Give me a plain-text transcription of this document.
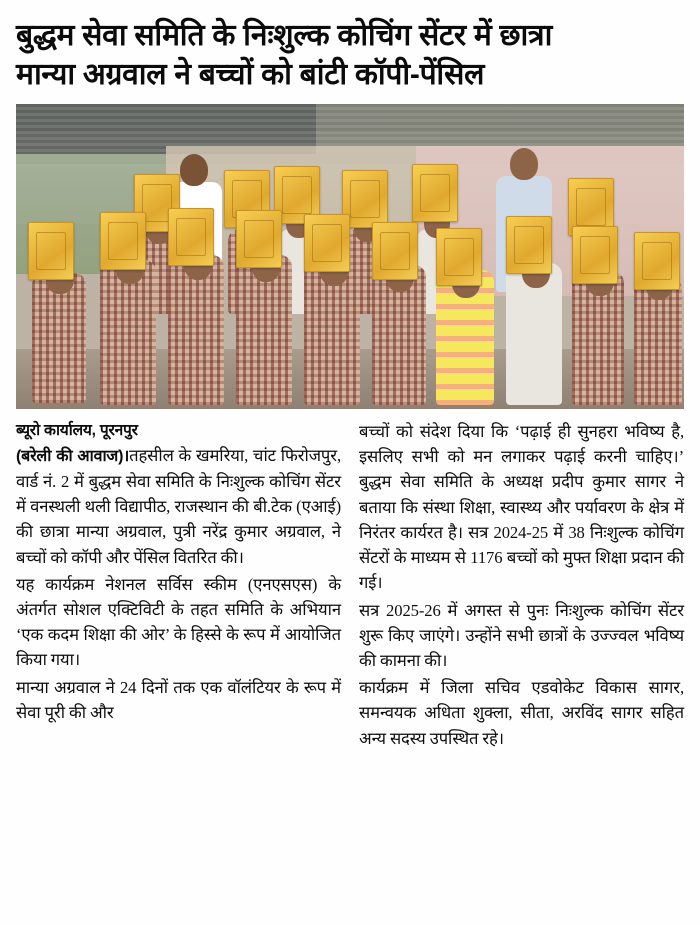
बुद्धम सेवा समिति के निःशुल्क कोचिंग सेंटर में छात्रा
मान्या अग्रवाल ने बच्चों को बांटी कॉपी-पेंसिल

ब्यूरो कार्यालय, पूरनपुर
(बरेली की आवाज)।तहसील के खमरिया, चांट फिरोजपुर, वार्ड नं. 2 में बुद्धम सेवा समिति के निःशुल्क कोचिंग सेंटर में वनस्थली थली विद्यापीठ, राजस्थान की बी.टेक (एआई) की छात्रा मान्या अग्रवाल, पुत्री नरेंद्र कुमार अग्रवाल, ने बच्चों को कॉपी और पेंसिल वितरित की।

यह कार्यक्रम नेशनल सर्विस स्कीम (एनएसएस) के अंतर्गत सोशल एक्टिविटी के तहत समिति के अभियान ‘एक कदम शिक्षा की ओर’ के हिस्से के रूप में आयोजित किया गया।

मान्या अग्रवाल ने 24 दिनों तक एक वॉलंटियर के रूप में सेवा पूरी की और

बच्चों को संदेश दिया कि ‘पढ़ाई ही सुनहरा भविष्य है, इसलिए सभी को मन लगाकर पढ़ाई करनी चाहिए।’ बुद्धम सेवा समिति के अध्यक्ष प्रदीप कुमार सागर ने बताया कि संस्था शिक्षा, स्वास्थ्य और पर्यावरण के क्षेत्र में निरंतर कार्यरत है। सत्र 2024-25 में 38 निःशुल्क कोचिंग सेंटरों के माध्यम से 1176 बच्चों को मुफ्त शिक्षा प्रदान की गई।

सत्र 2025-26 में अगस्त से पुनः निःशुल्क कोचिंग सेंटर शुरू किए जाएंगे। उन्होंने सभी छात्रों के उज्ज्वल भविष्य की कामना की।

कार्यक्रम में जिला सचिव एडवोकेट विकास सागर, समन्वयक अधिता शुक्ला, सीता, अरविंद सागर सहित अन्य सदस्य उपस्थित रहे।
